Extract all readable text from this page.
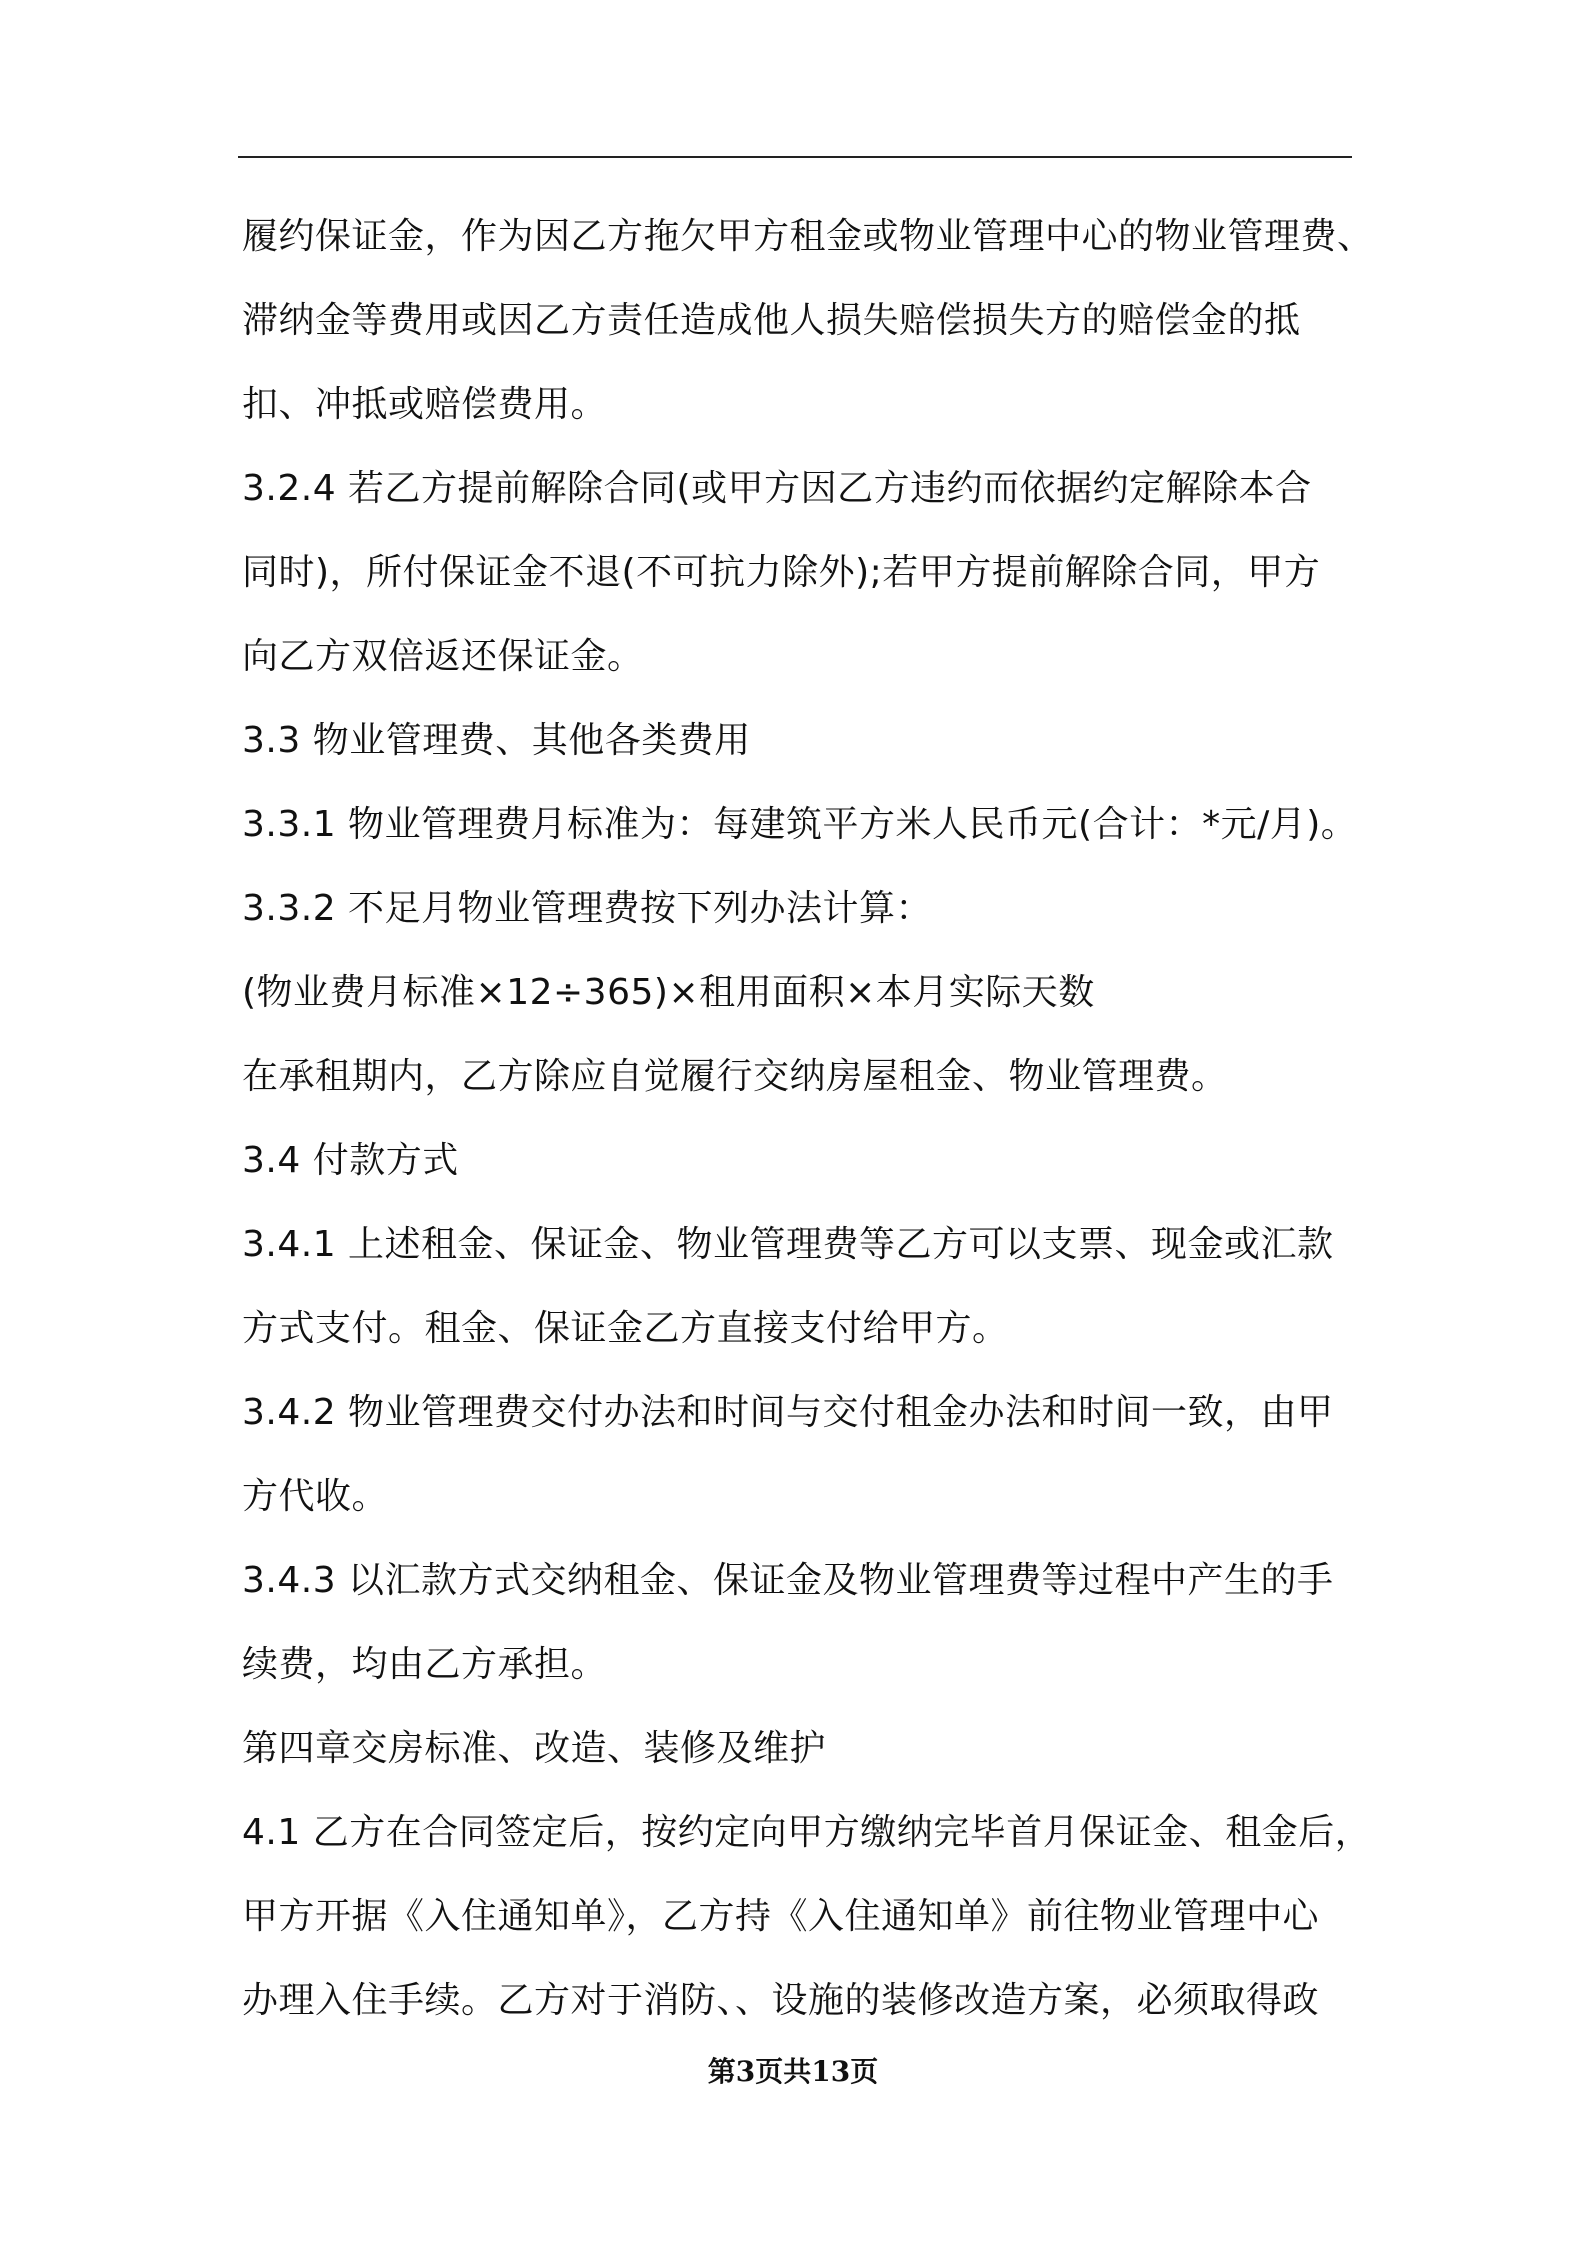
履约保证金，作为因乙方拖欠甲方租金或物业管理中心的物业管理费、
滞纳金等费用或因乙方责任造成他人损失赔偿损失方的赔偿金的抵
扣、冲抵或赔偿费用。
3.2.4 若乙方提前解除合同(或甲方因乙方违约而依据约定解除本合
同时)，所付保证金不退(不可抗力除外);若甲方提前解除合同，甲方
向乙方双倍返还保证金。
3.3 物业管理费、其他各类费用
3.3.1 物业管理费月标准为：每建筑平方米人民币元(合计：*元/月)。
3.3.2 不足月物业管理费按下列办法计算：
(物业费月标准×12÷365)×租用面积×本月实际天数
在承租期内，乙方除应自觉履行交纳房屋租金、物业管理费。
3.4 付款方式
3.4.1 上述租金、保证金、物业管理费等乙方可以支票、现金或汇款
方式支付。租金、保证金乙方直接支付给甲方。
3.4.2 物业管理费交付办法和时间与交付租金办法和时间一致，由甲
方代收。
3.4.3 以汇款方式交纳租金、保证金及物业管理费等过程中产生的手
续费，均由乙方承担。
第四章交房标准、改造、装修及维护
4.1 乙方在合同签定后，按约定向甲方缴纳完毕首月保证金、租金后，
甲方开据《入住通知单》，乙方持《入住通知单》前往物业管理中心
办理入住手续。乙方对于消防、、设施的装修改造方案，必须取得政
第3页共13页
